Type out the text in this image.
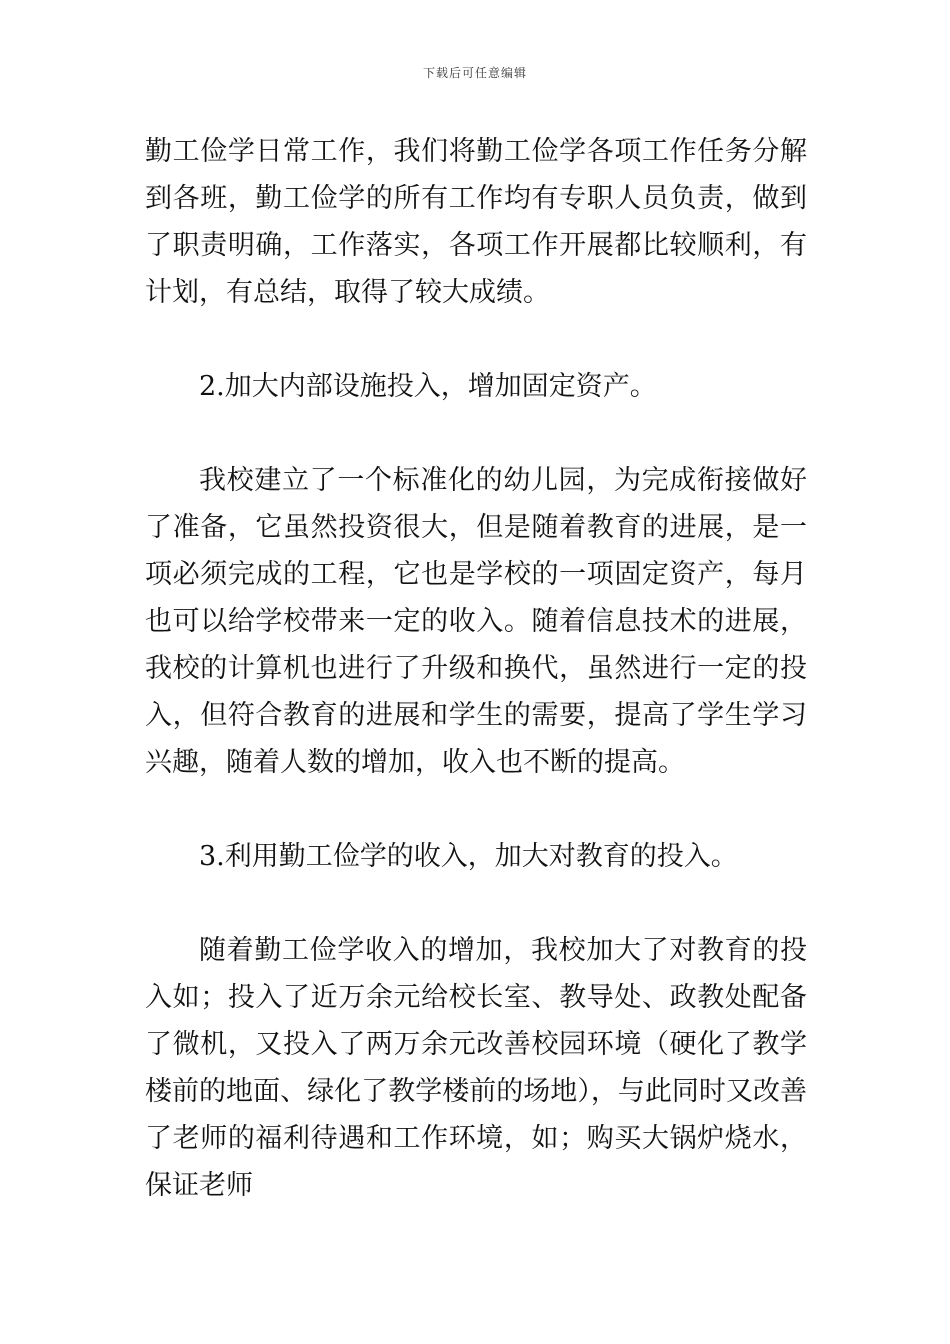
下载后可任意编辑

勤工俭学日常工作，我们将勤工俭学各项工作任务分解到各班，勤工俭学的所有工作均有专职人员负责，做到了职责明确，工作落实，各项工作开展都比较顺利，有计划，有总结，取得了较大成绩。

2.加大内部设施投入，增加固定资产。

我校建立了一个标准化的幼儿园，为完成衔接做好了准备，它虽然投资很大，但是随着教育的进展，是一项必须完成的工程，它也是学校的一项固定资产，每月也可以给学校带来一定的收入。随着信息技术的进展，我校的计算机也进行了升级和换代，虽然进行一定的投入，但符合教育的进展和学生的需要，提高了学生学习兴趣，随着人数的增加，收入也不断的提高。

3.利用勤工俭学的收入，加大对教育的投入。

随着勤工俭学收入的增加，我校加大了对教育的投入如；投入了近万余元给校长室、教导处、政教处配备了微机，又投入了两万余元改善校园环境（硬化了教学楼前的地面、绿化了教学楼前的场地），与此同时又改善了老师的福利待遇和工作环境，如；购买大锅炉烧水，保证老师
